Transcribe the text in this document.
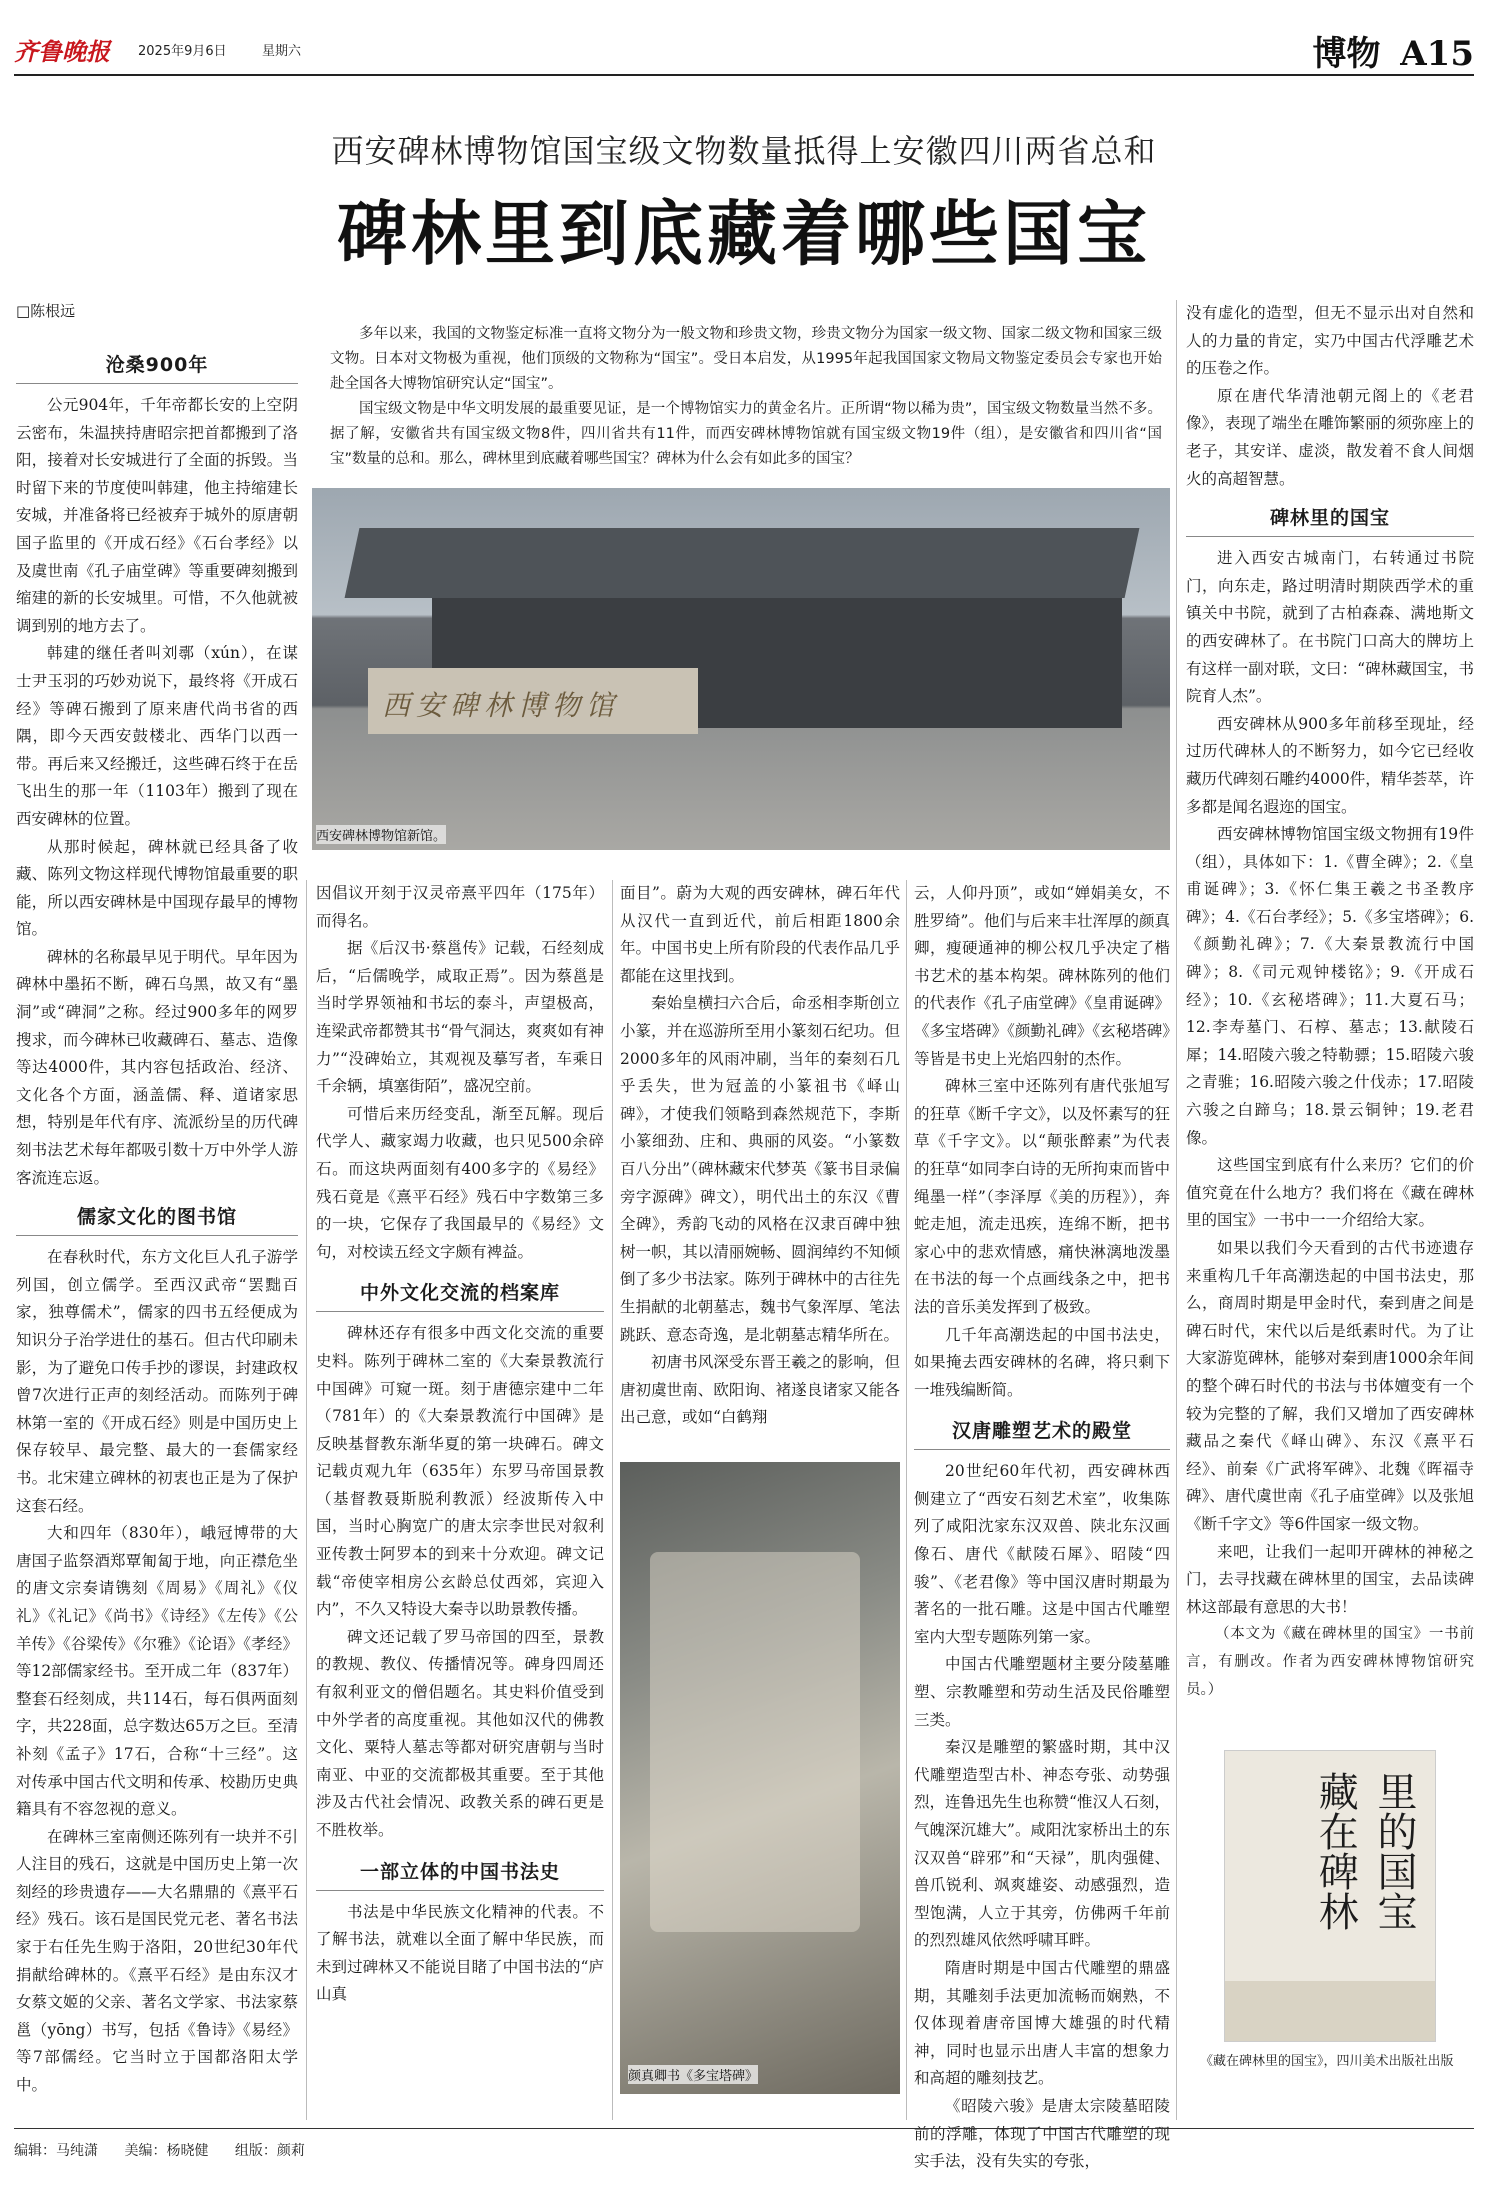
齐鲁晚报 2025年9月6日	星期六	博物 A15
西安碑林博物馆国宝级文物数量抵得上安徽四川两省总和
碑林里到底藏着哪些国宝
□陈根远

多年以来，我国的文物鉴定标准一直将文物分为一般文物和珍贵文物，珍贵文物分为国家一级文物、国家二级文物和国家三级文物。日本对文物极为重视，他们顶级的文物称为“国宝”。受日本启发，从1995年起我国国家文物局文物鉴定委员会专家也开始赴全国各大博物馆研究认定“国宝”。

国宝级文物是中华文明发展的最重要见证，是一个博物馆实力的黄金名片。正所谓“物以稀为贵”，国宝级文物数量当然不多。据了解，安徽省共有国宝级文物8件，四川省共有11件，而西安碑林博物馆就有国宝级文物19件（组），是安徽省和四川省“国宝”数量的总和。那么，碑林里到底藏着哪些国宝？碑林为什么会有如此多的国宝？

西安碑林博物馆
西安碑林博物馆新馆。
沧桑900年

公元904年，千年帝都长安的上空阴云密布，朱温挟持唐昭宗把首都搬到了洛阳，接着对长安城进行了全面的拆毁。当时留下来的节度使叫韩建，他主持缩建长安城，并准备将已经被弃于城外的原唐朝国子监里的《开成石经》《石台孝经》以及虞世南《孔子庙堂碑》等重要碑刻搬到缩建的新的长安城里。可惜，不久他就被调到别的地方去了。

韩建的继任者叫刘鄩（xún），在谋士尹玉羽的巧妙劝说下，最终将《开成石经》等碑石搬到了原来唐代尚书省的西隅，即今天西安鼓楼北、西华门以西一带。再后来又经搬迁，这些碑石终于在岳飞出生的那一年（1103年）搬到了现在西安碑林的位置。

从那时候起，碑林就已经具备了收藏、陈列文物这样现代博物馆最重要的职能，所以西安碑林是中国现存最早的博物馆。

碑林的名称最早见于明代。早年因为碑林中墨拓不断，碑石乌黑，故又有“墨洞”或“碑洞”之称。经过900多年的网罗搜求，而今碑林已收藏碑石、墓志、造像等达4000件，其内容包括政治、经济、文化各个方面，涵盖儒、释、道诸家思想，特别是年代有序、流派纷呈的历代碑刻书法艺术每年都吸引数十万中外学人游客流连忘返。

儒家文化的图书馆

在春秋时代，东方文化巨人孔子游学列国，创立儒学。至西汉武帝“罢黜百家，独尊儒术”，儒家的四书五经便成为知识分子治学进仕的基石。但古代印刷未影，为了避免口传手抄的谬误，封建政权曾7次进行正声的刻经活动。而陈列于碑林第一室的《开成石经》则是中国历史上保存较早、最完整、最大的一套儒家经书。北宋建立碑林的初衷也正是为了保护这套石经。

大和四年（830年），峨冠博带的大唐国子监祭酒郑覃匍匐于地，向正襟危坐的唐文宗奏请镌刻《周易》《周礼》《仪礼》《礼记》《尚书》《诗经》《左传》《公羊传》《谷梁传》《尔雅》《论语》《孝经》等12部儒家经书。至开成二年（837年）整套石经刻成，共114石，每石俱两面刻字，共228面，总字数达65万之巨。至清补刻《孟子》17石，合称“十三经”。这对传承中国古代文明和传承、校勘历史典籍具有不容忽视的意义。

在碑林三室南侧还陈列有一块并不引人注目的残石，这就是中国历史上第一次刻经的珍贵遗存——大名鼎鼎的《熹平石经》残石。该石是国民党元老、著名书法家于右任先生购于洛阳，20世纪30年代捐献给碑林的。《熹平石经》是由东汉才女蔡文姬的父亲、著名文学家、书法家蔡邕（yōng）书写，包括《鲁诗》《易经》等7部儒经。它当时立于国都洛阳太学中。

因倡议开刻于汉灵帝熹平四年（175年）而得名。

据《后汉书·蔡邕传》记载，石经刻成后，“后儒晚学，咸取正焉”。因为蔡邕是当时学界领袖和书坛的泰斗，声望极高，连梁武帝都赞其书“骨气洞达，爽爽如有神力”“没碑始立，其观视及摹写者，车乘日千余辆，填塞街陌”，盛况空前。

可惜后来历经变乱，渐至瓦解。现后代学人、藏家竭力收藏，也只见500余碎石。而这块两面刻有400多字的《易经》残石竟是《熹平石经》残石中字数第三多的一块，它保存了我国最早的《易经》文句，对校读五经文字颇有裨益。

中外文化交流的档案库

碑林还存有很多中西文化交流的重要史料。陈列于碑林二室的《大秦景教流行中国碑》可窥一斑。刻于唐德宗建中二年（781年）的《大秦景教流行中国碑》是反映基督教东渐华夏的第一块碑石。碑文记载贞观九年（635年）东罗马帝国景教（基督教聂斯脱利教派）经波斯传入中国，当时心胸宽广的唐太宗李世民对叙利亚传教士阿罗本的到来十分欢迎。碑文记载“帝使宰相房公玄龄总仗西郊，宾迎入内”，不久又特设大秦寺以助景教传播。

碑文还记载了罗马帝国的四至，景教的教规、教仪、传播情况等。碑身四周还有叙利亚文的僧侣题名。其史料价值受到中外学者的高度重视。其他如汉代的佛教文化、粟特人墓志等都对研究唐朝与当时南亚、中亚的交流都极其重要。至于其他涉及古代社会情况、政教关系的碑石更是不胜枚举。

一部立体的中国书法史

书法是中华民族文化精神的代表。不了解书法，就难以全面了解中华民族，而未到过碑林又不能说目睹了中国书法的“庐山真

面目”。蔚为大观的西安碑林，碑石年代从汉代一直到近代，前后相距1800余年。中国书史上所有阶段的代表作品几乎都能在这里找到。

秦始皇横扫六合后，命丞相李斯创立小篆，并在巡游所至用小篆刻石纪功。但2000多年的风雨冲刷，当年的秦刻石几乎丢失，世为冠盖的小篆祖书《峄山碑》，才使我们领略到森然规范下，李斯小篆细劲、庄和、典丽的风姿。“小篆数百八分出”（碑林藏宋代梦英《篆书目录偏旁字源碑》碑文），明代出土的东汉《曹全碑》，秀韵飞动的风格在汉隶百碑中独树一帜，其以清丽婉畅、圆润绰约不知倾倒了多少书法家。陈列于碑林中的古往先生捐献的北朝墓志，魏书气象浑厚、笔法跳跃、意态奇逸，是北朝墓志精华所在。

初唐书风深受东晋王羲之的影响，但唐初虞世南、欧阳询、褚遂良诸家又能各出己意，或如“白鹤翔

颜真卿书《多宝塔碑》

云，人仰丹顶”，或如“婵娟美女，不胜罗绮”。他们与后来丰壮浑厚的颜真卿，瘦硬通神的柳公权几乎决定了楷书艺术的基本构架。碑林陈列的他们的代表作《孔子庙堂碑》《皇甫诞碑》《多宝塔碑》《颜勤礼碑》《玄秘塔碑》等皆是书史上光焰四射的杰作。

碑林三室中还陈列有唐代张旭写的狂草《断千字文》，以及怀素写的狂草《千字文》。以“颠张醉素”为代表的狂草“如同李白诗的无所拘束而皆中绳墨一样”（李泽厚《美的历程》），奔蛇走旭，流走迅疾，连绵不断，把书家心中的悲欢情感，痛快淋漓地泼墨在书法的每一个点画线条之中，把书法的音乐美发挥到了极致。

几千年高潮迭起的中国书法史，如果掩去西安碑林的名碑，将只剩下一堆残编断简。

汉唐雕塑艺术的殿堂

20世纪60年代初，西安碑林西侧建立了“西安石刻艺术室”，收集陈列了咸阳沈家东汉双兽、陕北东汉画像石、唐代《献陵石犀》、昭陵“四骏”、《老君像》等中国汉唐时期最为著名的一批石雕。这是中国古代雕塑室内大型专题陈列第一家。

中国古代雕塑题材主要分陵墓雕塑、宗教雕塑和劳动生活及民俗雕塑三类。

秦汉是雕塑的繁盛时期，其中汉代雕塑造型古朴、神态夸张、动势强烈，连鲁迅先生也称赞“惟汉人石刻，气魄深沉雄大”。咸阳沈家桥出土的东汉双兽“辟邪”和“天禄”，肌肉强健、兽爪锐利、飒爽雄姿、动感强烈，造型饱满，人立于其旁，仿佛两千年前的烈烈雄风依然呼啸耳畔。

隋唐时期是中国古代雕塑的鼎盛期，其雕刻手法更加流畅而娴熟，不仅体现着唐帝国博大雄强的时代精神，同时也显示出唐人丰富的想象力和高超的雕刻技艺。

《昭陵六骏》是唐太宗陵墓昭陵前的浮雕，体现了中国古代雕塑的现实手法，没有失实的夸张，

没有虚化的造型，但无不显示出对自然和人的力量的肯定，实乃中国古代浮雕艺术的压卷之作。

原在唐代华清池朝元阁上的《老君像》，表现了端坐在雕饰繁丽的须弥座上的老子，其安详、虚淡，散发着不食人间烟火的高超智慧。

碑林里的国宝

进入西安古城南门，右转通过书院门，向东走，路过明清时期陕西学术的重镇关中书院，就到了古柏森森、满地斯文的西安碑林了。在书院门口高大的牌坊上有这样一副对联，文曰：“碑林藏国宝，书院育人杰”。

西安碑林从900多年前移至现址，经过历代碑林人的不断努力，如今它已经收藏历代碑刻石雕约4000件，精华荟萃，许多都是闻名遐迩的国宝。

西安碑林博物馆国宝级文物拥有19件（组），具体如下：1.《曹全碑》；2.《皇甫诞碑》；3.《怀仁集王羲之书圣教序碑》；4.《石台孝经》；5.《多宝塔碑》；6.《颜勤礼碑》；7.《大秦景教流行中国碑》；8.《司元观钟楼铭》；9.《开成石经》；10.《玄秘塔碑》；11.大夏石马；12.李寿墓门、石椁、墓志；13.献陵石犀；14.昭陵六骏之特勒骠；15.昭陵六骏之青骓；16.昭陵六骏之什伐赤；17.昭陵六骏之白蹄乌；18.景云铜钟；19.老君像。

这些国宝到底有什么来历？它们的价值究竟在什么地方？我们将在《藏在碑林里的国宝》一书中一一介绍给大家。

如果以我们今天看到的古代书迹遗存来重构几千年高潮迭起的中国书法史，那么，商周时期是甲金时代，秦到唐之间是碑石时代，宋代以后是纸素时代。为了让大家游览碑林，能够对秦到唐1000余年间的整个碑石时代的书法与书体嬗变有一个较为完整的了解，我们又增加了西安碑林藏品之秦代《峄山碑》、东汉《熹平石经》、前秦《广武将军碑》、北魏《晖福寺碑》、唐代虞世南《孔子庙堂碑》以及张旭《断千字文》等6件国家一级文物。

来吧，让我们一起叩开碑林的神秘之门，去寻找藏在碑林里的国宝，去品读碑林这部最有意思的大书！

（本文为《藏在碑林里的国宝》一书前言，有删改。作者为西安碑林博物馆研究员。）
藏在碑林 里的国宝
《藏在碑林里的国宝》，四川美术出版社出版
编辑：马纯潇 美编：杨晓健 组版：颜莉
